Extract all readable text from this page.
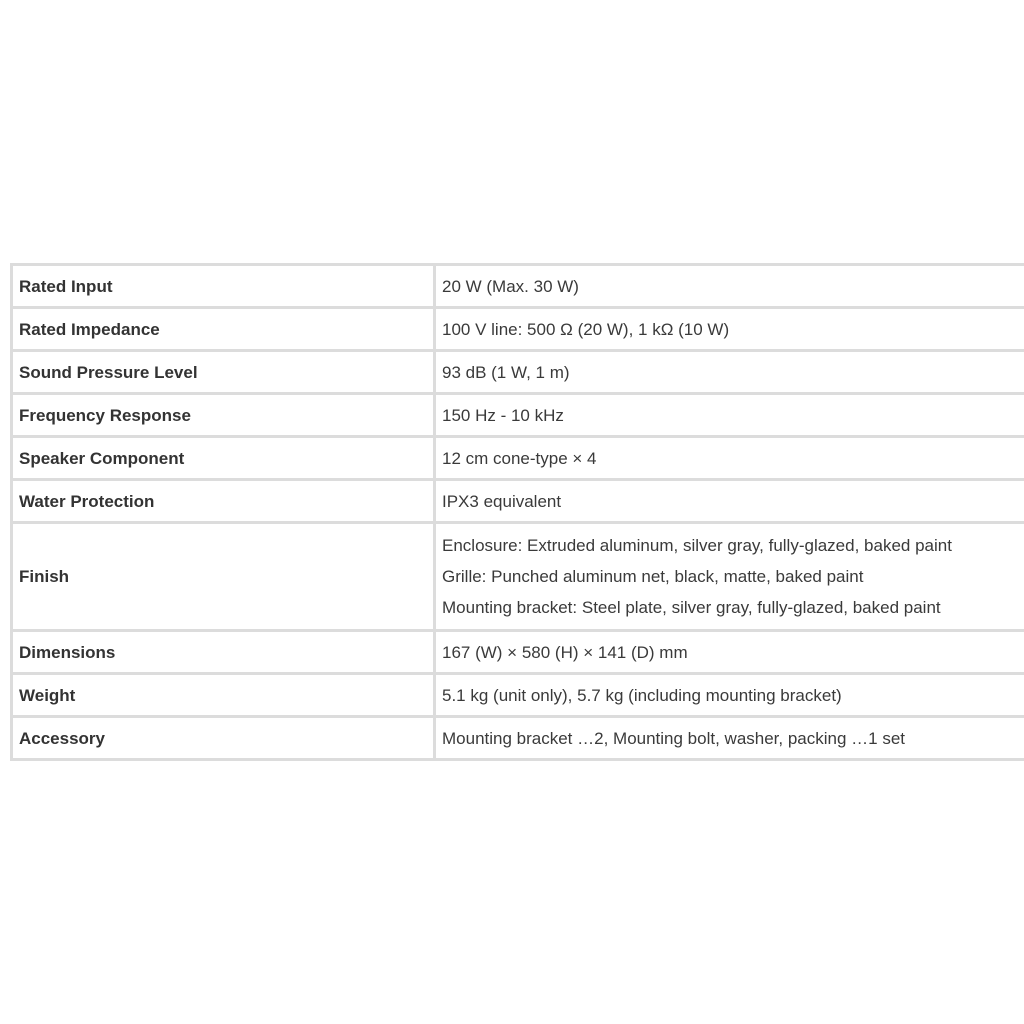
Rated Input	20 W (Max. 30 W)
Rated Impedance	100 V line: 500 Ω (20 W), 1 kΩ (10 W)
Sound Pressure Level	93 dB (1 W, 1 m)
Frequency Response	150 Hz - 10 kHz
Speaker Component	12 cm cone-type × 4
Water Protection	IPX3 equivalent
Finish	Enclosure: Extruded aluminum, silver gray, fully-glazed, baked paint
Grille: Punched aluminum net, black, matte, baked paint
Mounting bracket: Steel plate, silver gray, fully-glazed, baked paint

Dimensions	167 (W) × 580 (H) × 141 (D) mm
Weight	5.1 kg (unit only), 5.7 kg (including mounting bracket)
Accessory	Mounting bracket …2, Mounting bolt, washer, packing …1 set
